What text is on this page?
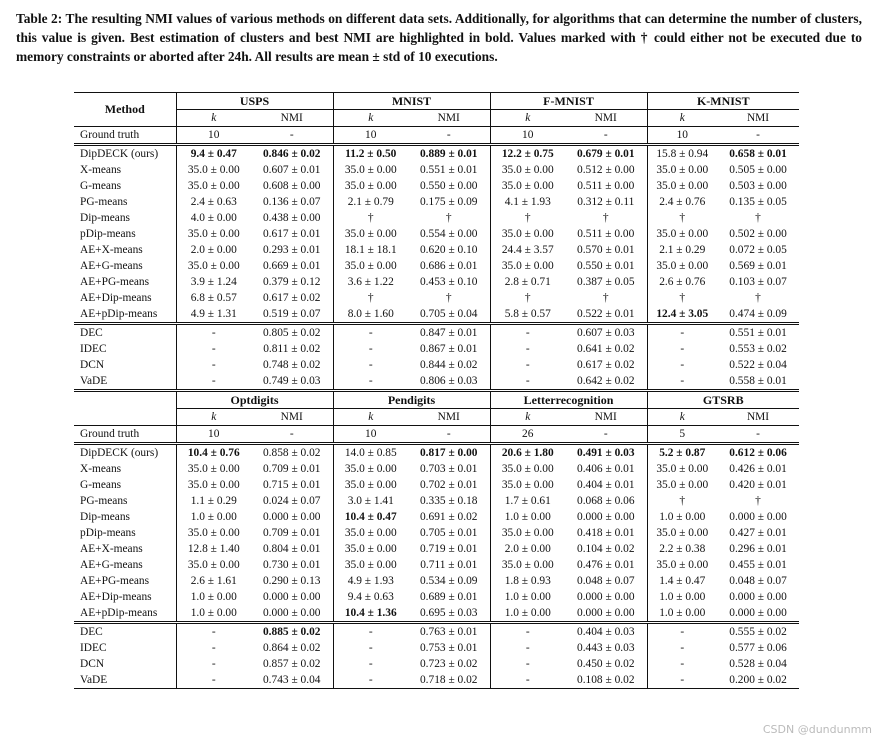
Table 2: The resulting NMI values of various methods on different data sets. Additionally, for algorithms that can determine the number of clusters, this value is given. Best estimation of clusters and best NMI are highlighted in bold. Values marked with † could either not be executed due to memory constraints or aborted after 24h. All results are mean ± std of 10 executions.
Method	USPS		MNIST		F-MNIST		K-MNIST	
	k	NMI	k	NMI	k	NMI	k	NMI
Ground truth	10	-	10	-	10	-	10	-
DipDECK (ours)	9.4 ± 0.47	0.846 ± 0.02	11.2 ± 0.50	0.889 ± 0.01	12.2 ± 0.75	0.679 ± 0.01	15.8 ± 0.94	0.658 ± 0.01
X-means	35.0 ± 0.00	0.607 ± 0.01	35.0 ± 0.00	0.551 ± 0.01	35.0 ± 0.00	0.512 ± 0.00	35.0 ± 0.00	0.505 ± 0.00
G-means	35.0 ± 0.00	0.608 ± 0.00	35.0 ± 0.00	0.550 ± 0.00	35.0 ± 0.00	0.511 ± 0.00	35.0 ± 0.00	0.503 ± 0.00
PG-means	2.4 ± 0.63	0.136 ± 0.07	2.1 ± 0.79	0.175 ± 0.09	4.1 ± 1.93	0.312 ± 0.11	2.4 ± 0.76	0.135 ± 0.05
Dip-means	4.0 ± 0.00	0.438 ± 0.00	†	†	†	†	†	†
pDip-means	35.0 ± 0.00	0.617 ± 0.01	35.0 ± 0.00	0.554 ± 0.00	35.0 ± 0.00	0.511 ± 0.00	35.0 ± 0.00	0.502 ± 0.00
AE+X-means	2.0 ± 0.00	0.293 ± 0.01	18.1 ± 18.1	0.620 ± 0.10	24.4 ± 3.57	0.570 ± 0.01	2.1 ± 0.29	0.072 ± 0.05
AE+G-means	35.0 ± 0.00	0.669 ± 0.01	35.0 ± 0.00	0.686 ± 0.01	35.0 ± 0.00	0.550 ± 0.01	35.0 ± 0.00	0.569 ± 0.01
AE+PG-means	3.9 ± 1.24	0.379 ± 0.12	3.6 ± 1.22	0.453 ± 0.10	2.8 ± 0.71	0.387 ± 0.05	2.6 ± 0.76	0.103 ± 0.07
AE+Dip-means	6.8 ± 0.57	0.617 ± 0.02	†	†	†	†	†	†
AE+pDip-means	4.9 ± 1.31	0.519 ± 0.07	8.0 ± 1.60	0.705 ± 0.04	5.8 ± 0.57	0.522 ± 0.01	12.4 ± 3.05	0.474 ± 0.09
DEC	-	0.805 ± 0.02	-	0.847 ± 0.01	-	0.607 ± 0.03	-	0.551 ± 0.01
IDEC	-	0.811 ± 0.02	-	0.867 ± 0.01	-	0.641 ± 0.02	-	0.553 ± 0.02
DCN	-	0.748 ± 0.02	-	0.844 ± 0.02	-	0.617 ± 0.02	-	0.522 ± 0.04
VaDE	-	0.749 ± 0.03	-	0.806 ± 0.03	-	0.642 ± 0.02	-	0.558 ± 0.01
	Optdigits		Pendigits		Letterrecognition		GTSRB	
	k	NMI	k	NMI	k	NMI	k	NMI
Ground truth	10	-	10	-	26	-	5	-
DipDECK (ours)	10.4 ± 0.76	0.858 ± 0.02	14.0 ± 0.85	0.817 ± 0.00	20.6 ± 1.80	0.491 ± 0.03	5.2 ± 0.87	0.612 ± 0.06
X-means	35.0 ± 0.00	0.709 ± 0.01	35.0 ± 0.00	0.703 ± 0.01	35.0 ± 0.00	0.406 ± 0.01	35.0 ± 0.00	0.426 ± 0.01
G-means	35.0 ± 0.00	0.715 ± 0.01	35.0 ± 0.00	0.702 ± 0.01	35.0 ± 0.00	0.404 ± 0.01	35.0 ± 0.00	0.420 ± 0.01
PG-means	1.1 ± 0.29	0.024 ± 0.07	3.0 ± 1.41	0.335 ± 0.18	1.7 ± 0.61	0.068 ± 0.06	†	†
Dip-means	1.0 ± 0.00	0.000 ± 0.00	10.4 ± 0.47	0.691 ± 0.02	1.0 ± 0.00	0.000 ± 0.00	1.0 ± 0.00	0.000 ± 0.00
pDip-means	35.0 ± 0.00	0.709 ± 0.01	35.0 ± 0.00	0.705 ± 0.01	35.0 ± 0.00	0.418 ± 0.01	35.0 ± 0.00	0.427 ± 0.01
AE+X-means	12.8 ± 1.40	0.804 ± 0.01	35.0 ± 0.00	0.719 ± 0.01	2.0 ± 0.00	0.104 ± 0.02	2.2 ± 0.38	0.296 ± 0.01
AE+G-means	35.0 ± 0.00	0.730 ± 0.01	35.0 ± 0.00	0.711 ± 0.01	35.0 ± 0.00	0.476 ± 0.01	35.0 ± 0.00	0.455 ± 0.01
AE+PG-means	2.6 ± 1.61	0.290 ± 0.13	4.9 ± 1.93	0.534 ± 0.09	1.8 ± 0.93	0.048 ± 0.07	1.4 ± 0.47	0.048 ± 0.07
AE+Dip-means	1.0 ± 0.00	0.000 ± 0.00	9.4 ± 0.63	0.689 ± 0.01	1.0 ± 0.00	0.000 ± 0.00	1.0 ± 0.00	0.000 ± 0.00
AE+pDip-means	1.0 ± 0.00	0.000 ± 0.00	10.4 ± 1.36	0.695 ± 0.03	1.0 ± 0.00	0.000 ± 0.00	1.0 ± 0.00	0.000 ± 0.00
DEC	-	0.885 ± 0.02	-	0.763 ± 0.01	-	0.404 ± 0.03	-	0.555 ± 0.02
IDEC	-	0.864 ± 0.02	-	0.753 ± 0.01	-	0.443 ± 0.03	-	0.577 ± 0.06
DCN	-	0.857 ± 0.02	-	0.723 ± 0.02	-	0.450 ± 0.02	-	0.528 ± 0.04
VaDE	-	0.743 ± 0.04	-	0.718 ± 0.02	-	0.108 ± 0.02	-	0.200 ± 0.02
CSDN @dundunmm
